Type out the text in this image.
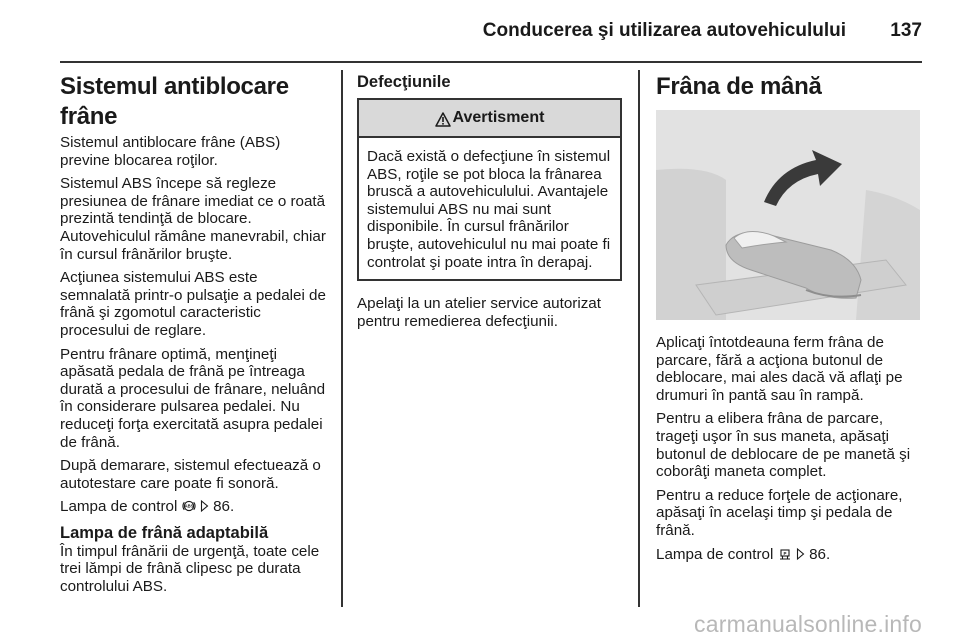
Conducerea şi utilizarea autovehiculului 137
Sistemul antiblocare frâne

Sistemul antiblocare frâne (ABS) previne blocarea roţilor.

Sistemul ABS începe să regleze presiunea de frânare imediat ce o roată prezintă tendinţă de blocare. Autovehiculul rămâne manevrabil, chiar în cursul frânărilor bruşte.

Acţiunea sistemului ABS este semnalată printr-o pulsaţie a pedalei de frână şi zgomotul caracteristic procesului de reglare.

Pentru frânare optimă, menţineţi apăsată pedala de frână pe întreaga durată a procesului de frânare, neluând în considerare pulsarea pedalei. Nu reduceţi forţa exercitată asupra pedalei de frână.

După demarare, sistemul efectuează o autotestare care poate fi sonoră.

Lampa de control ABS 86.

Lampa de frână adaptabilă

În timpul frânării de urgenţă, toate cele trei lămpi de frână clipesc pe durata controlului ABS.

Defecţiunile
Avertisment
Dacă există o defecţiune în sistemul ABS, roţile se pot bloca la frânarea bruscă a autovehiculului. Avantajele sistemului ABS nu mai sunt disponibile. În cursul frânărilor bruşte, autovehiculul nu mai poate fi controlat şi poate intra în derapaj.

Apelaţi la un atelier service autorizat pentru remedierea defecţiunii.

Frâna de mână

Aplicaţi întotdeauna ferm frâna de parcare, fără a acţiona butonul de deblocare, mai ales dacă vă aflaţi pe drumuri în pantă sau în rampă.

Pentru a elibera frâna de parcare, trageţi uşor în sus maneta, apăsaţi butonul de deblocare de pe manetă şi coborâţi maneta complet.

Pentru a reduce forţele de acţionare, apăsaţi în acelaşi timp şi pedala de frână.

Lampa de control P 86.

carmanualsonline.info
